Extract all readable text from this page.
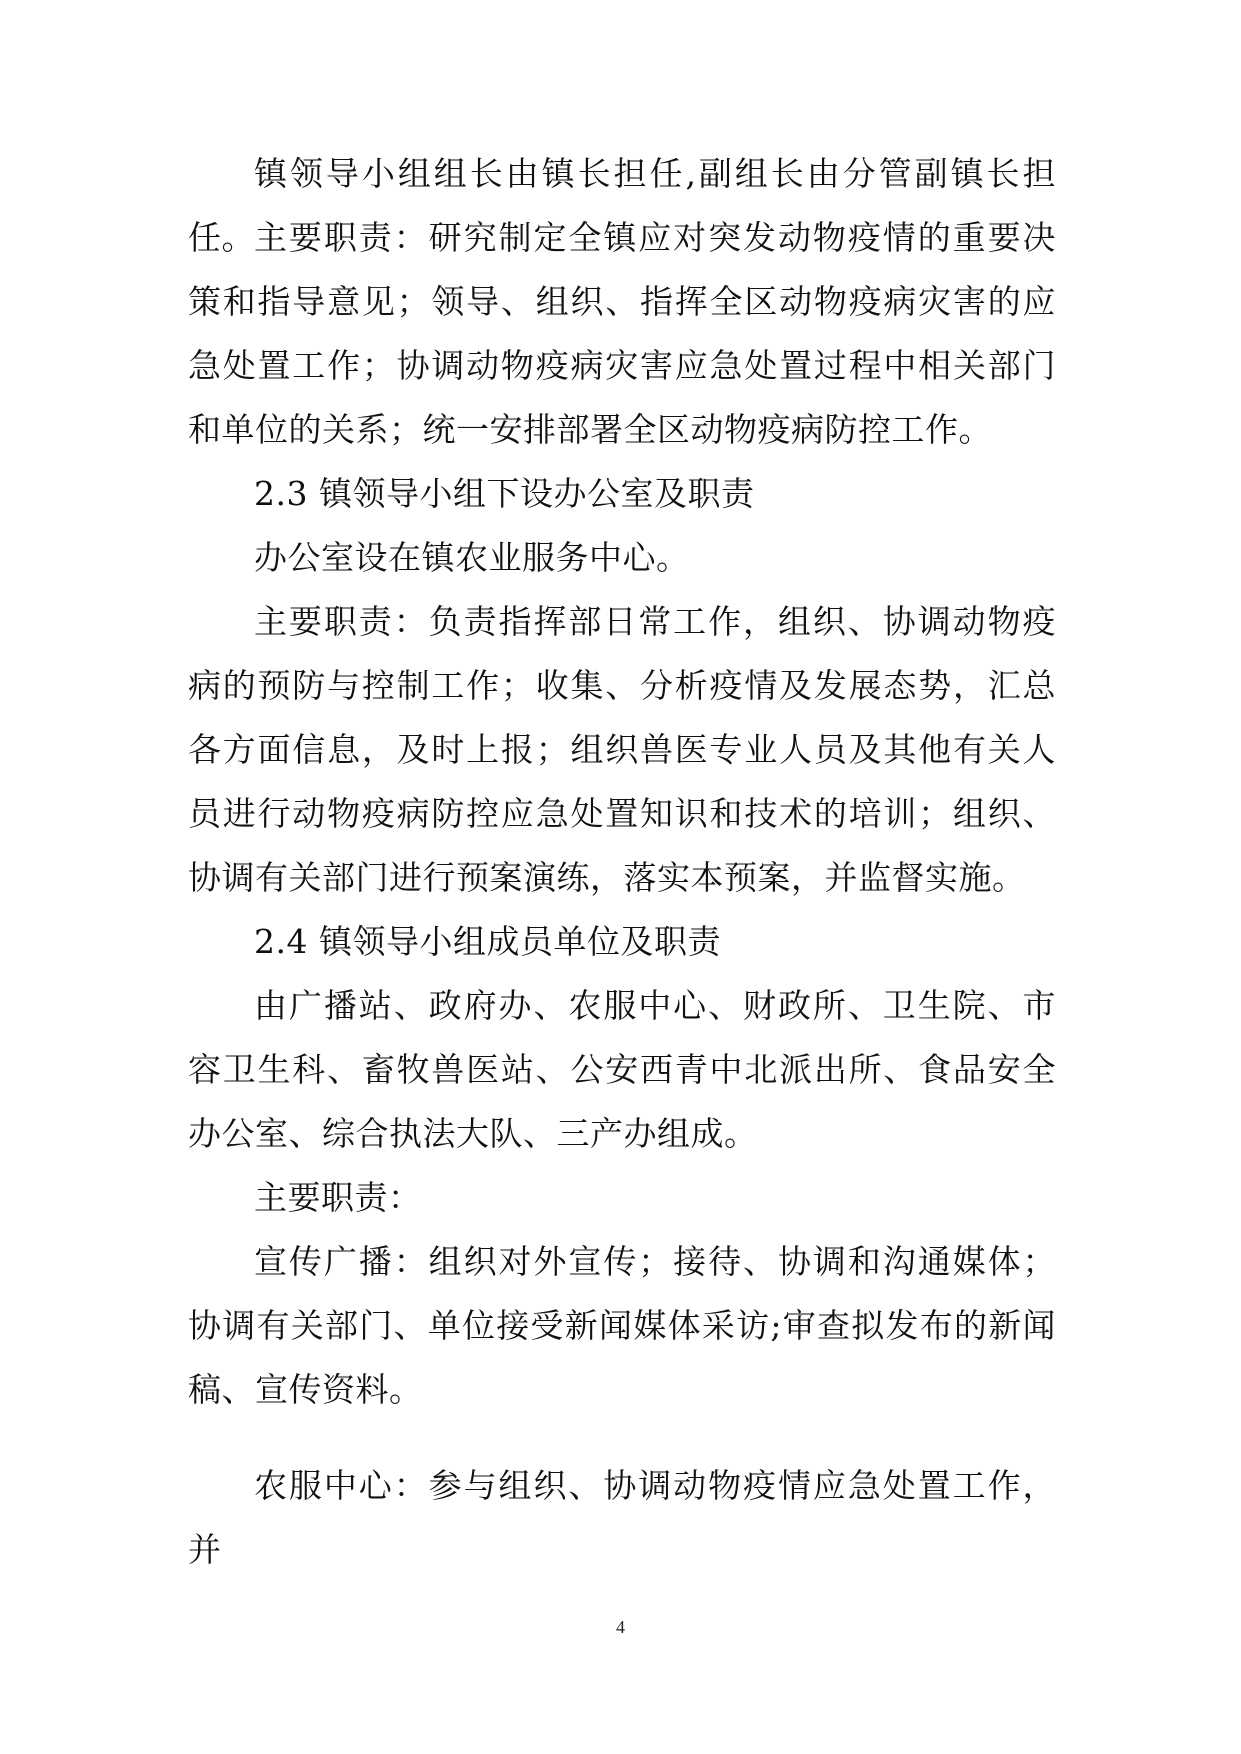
镇领导小组组长由镇长担任,副组长由分管副镇长担任。 主要职责：研究制定全镇应对突发动物疫情的重要决策和指导意见；领导、组织、指挥全区动物疫病灾害的应急处置工作；协调动物疫病灾害应急处置过程中相关部门和单位的关系；统一安排部署全区动物疫病防控工作。

2.3 镇领导小组下设办公室及职责

办公室设在镇农业服务中心。

主要职责：负责指挥部日常工作，组织、协调动物疫病的预防与控制工作；收集、分析疫情及发展态势，汇总各方面信息，及时上报；组织兽医专业人员及其他有关人员进行动物疫病防控应急处置知识和技术的培训；组织、协调有关部门进行预案演练，落实本预案，并监督实施。

2.4 镇领导小组成员单位及职责

由广播站、政府办、农服中心、财政所、卫生院、市容卫生科、畜牧兽医站、公安西青中北派出所、食品安全办公室、综合执法大队、三产办组成。

主要职责：

宣传广播：组织对外宣传；接待、协调和沟通媒体；协调有关部门、单位接受新闻媒体采访;审查拟发布的新闻稿、宣传资料。

农服中心：参与组织、协调动物疫情应急处置工作，并

4
